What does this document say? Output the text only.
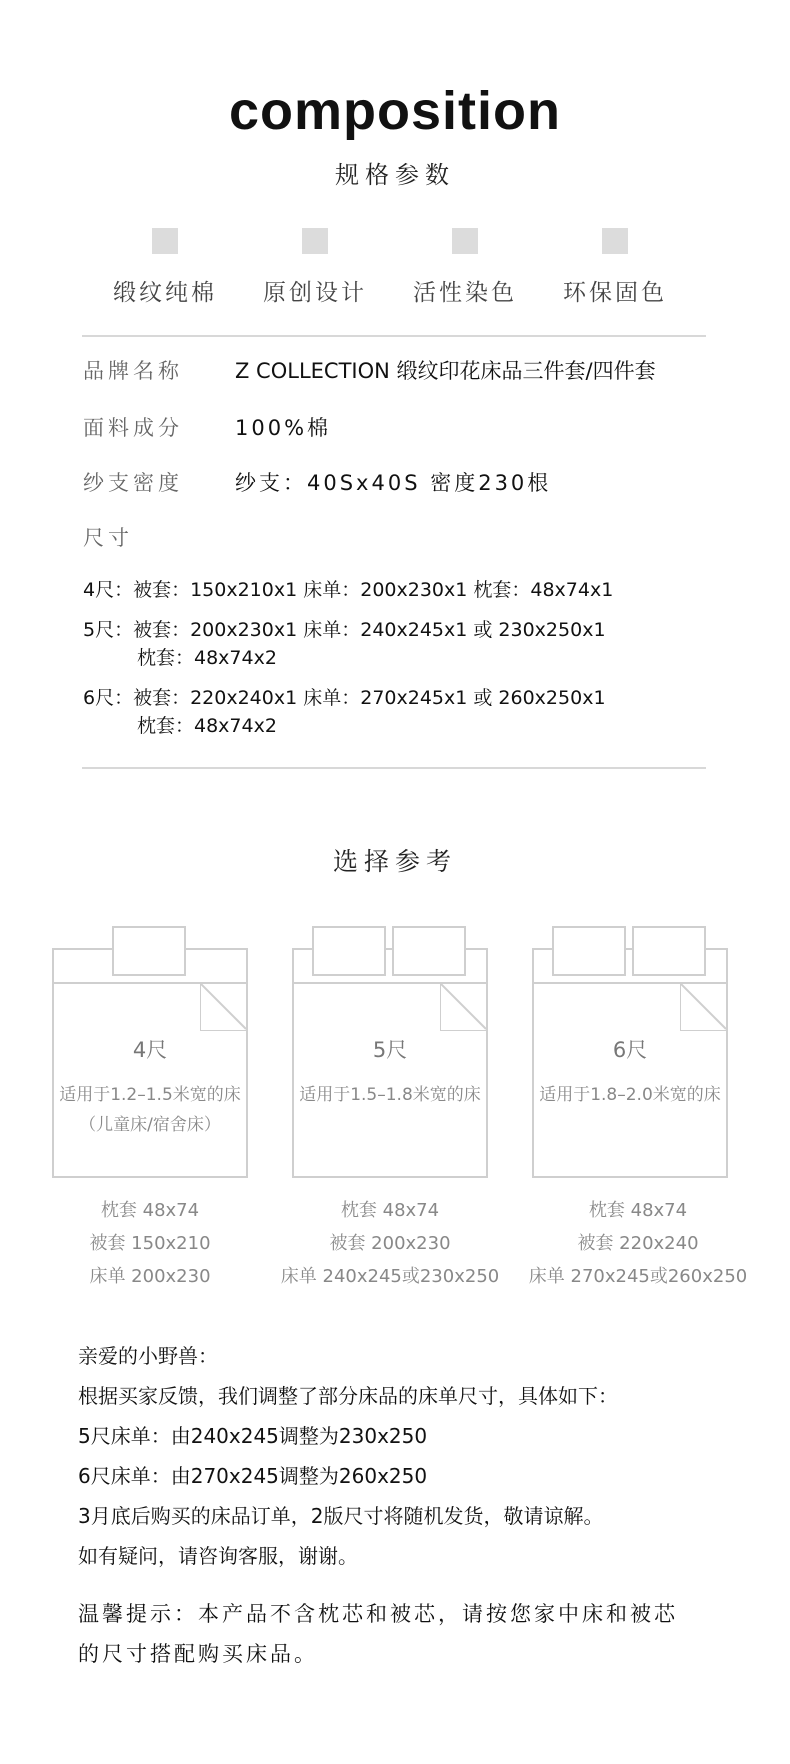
composition
规格参数
缎纹纯棉	原创设计	活性染色	环保固色
品牌名称	Z COLLECTION 缎纹印花床品三件套/四件套
面料成分	100%棉
纱支密度	纱支：40Sx40S 密度230根
尺寸
4尺：被套：150x210x1 床单：200x230x1 枕套：48x74x1
5尺：被套：200x230x1 床单：240x245x1 或 230x250x1
枕套：48x74x2
6尺：被套：220x240x1 床单：270x245x1 或 260x250x1
枕套：48x74x2
选择参考
4尺
适用于1.2–1.5米宽的床
（儿童床/宿舍床）
5尺
适用于1.5–1.8米宽的床
6尺
适用于1.8–2.0米宽的床
枕套 48x74
被套 150x210
床单 200x230
枕套 48x74
被套 200x230
床单 240x245或230x250
枕套 48x74
被套 220x240
床单 270x245或260x250
亲爱的小野兽：
根据买家反馈，我们调整了部分床品的床单尺寸，具体如下：
5尺床单：由240x245调整为230x250
6尺床单：由270x245调整为260x250
3月底后购买的床品订单，2版尺寸将随机发货，敬请谅解。
如有疑问，请咨询客服，谢谢。
温馨提示：本产品不含枕芯和被芯，请按您家中床和被芯
的尺寸搭配购买床品。
